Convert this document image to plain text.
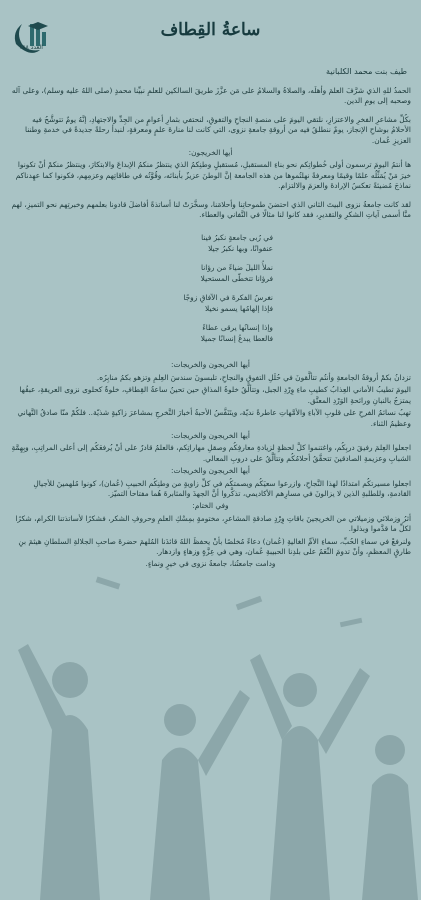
ساعةُ القِطاف
العدد ١٨٨
طيف بنت محمد الكلبانية

الحمدُ للهِ الذي شرَّفَ العلمَ وأهلَه، والصلاةُ والسلامُ على مَن عزَّزَ طريقَ السالكين للعلمِ نبيِّنا محمدٍ (صلى اللهُ عليه وسلم)، وعلى آله وصحبه إلى يومِ الدين.

بكُلِّ مشاعرِ الفخرِ والاعتزازِ، نلتقي اليومَ على منصةِ النجاحِ والتفوقِ، لنحتفي بثمارِ أعوامٍ من الجِدِّ والاجتهادِ، إنَّهُ يومٌ تتوشَّحُ فيه الأحلامُ بوشاحِ الإنجاز، يومٌ ننطلقُ فيه من أروقةِ جامعةِ نزوى، التي كانت لنا منارةَ علمٍ ومعرفةٍ، لنبدأ رحلةً جديدةً في خدمةِ وطننا العزيزِ عُمان.

أيها الخريجون:

ها أنتمُ اليومَ ترسمون أولى خُطواتِكم نحو بناءِ المستقبلِ، مُستقبلٍ وطنِكمُ الذي ينتظرُ منكمُ الإبداعَ والابتكارَ، وينتظرُ منكمْ أنْ تكونوا خيرَ مَنْ يُمَثِّلُه علمًا وقيمًا ومعرفةً نهلتُموها من هذه الجامعة إنَّ الوطنَ عزيزٌ بأبنائه، وقُوَّتُه في طاقاتِهم وعزمِهم، فكونوا كما عهِدناكم نماذجَ مُضيئةً تعكسُ الإرادةَ والعزمَ والالتزام.

لقد كانت جامعةُ نزوى البيتَ الثاني الذي احتضنَ طموحاتِنا وأحلامَنا، وسخَّرَتْ لنا أساتذةً أفاضلَ قادونا بعلمهم وخبرتِهم نحو التميزِ، لهم منَّا أسمى آياتِ الشكرِ والتقديرِ، فقد كانوا لنا مثالًا في التَّفاني والعطاء.

في رُبى جامعةٍ نكبرُ فينا
عنفوانًا، وبها نكبرُ جيلا
نملأُ الليلَ ضياءً من رؤانا
فرؤانا تتخطّى المستحيلا
نغرسُ الفكرةَ في الآفاقِ زوجًا
فإذا إلهامُها يسمو نخيلا
وإذا إنسانُها يرقى عطاءً
فالعطا يبدعُ إنسانًا جميلا

أيها الخريجون والخريجات:

تزدانُ بكمْ أروقةُ الجامعةِ وأنتُم تتألَّقونَ في حُلَلِ التفوقِ والنجاحِ، تلبسونَ سندسَ العِلمِ وتزهو بكمُ منابِرُه.

اليومَ تطيبُ الأماني العِذابُ كطيبِ ماءِ وِرْدِ الجبل، وتتألَّقُ خلوةُ المذاقِ حين تحينُ ساعةُ القِطافِ، خلوةٌ كحلوى نزوى العريقةِ، عبقُها يمتزجُ بالنبانِ ورائحةِ الوَرْدِ المعتَّق.

تهبُ نسائمُ الفرحِ على قلوبِ الآباءِ والأمَّهاتِ عاطرةً نديّة، ويتَنَفَّسُ الأحبةُ أخبارَ التَّخرجِ بمشاعرَ زاكيةٍ شذيّة.. فلكُمْ منّا صادقُ التَّهاني وعظيمُ الثناء.

أيها الخريجون والخريجات:

اجعلوا العِلمَ رفيقَ دربِكُم، واغتنموا كلَّ لحظةٍ لزيادةِ معارفِكُم وصقلِ مهاراتِكم، فالعلمُ قادرٌ على أنْ يُرفعَكُم إلى أعلى المراتِبِ، وبِهِمَّةِ الشبابِ وعزيمةِ الصادقينَ تتحقَّقُ أحلامُكُم وتتألَّقُ على دروبِ المعالي.

أيها الخريجون والخريجات:

اجعلوا مسيرتكُم امتدادًا لهذا النَّجاحِ، وازرعوا سعيَكُم ويصمتكُم في كلِّ زاويةٍ من وطنِكُم الحبيبِ (عُمان)، كونوا مُلهمينَ للأجيالِ القادمةِ، وللطلبةِ الذين لا يزالونَ في مسارِهم الأكاديمي، تذكَّروا أنَّ الجهدَ والمثابرةَ هُما مفتاحا التميّز.

وفي الختام:

أثرُ وزملائي وزميلاتي من الخريجينَ باقاتِ وِرْدٍ صادقةِ المشاعرِ، مختومةٍ بمِسْكِ العلمِ وحروفِ الشكر، فشكرًا لأساتذتنا الكرام، شكرًا لكلِّ ما قدَّموا وبذلوا.

ولنرفعْ في سماءِ الحُبِّ، سماءِ الأمِّ الغاليةِ (عُمان) دعاءً مُخلصًا بأنْ يحفظَ اللهُ قائدَنا المُلهمَ حضرةَ صاحبِ الجلالةِ السلطانِ هيثمَ بنِ طارقٍ المعظمِ، وأنْ تدومَ النِّعَمُ على بلدِنا الحبيبةِ عُمان، وهي في عِزَّةٍ وزهاءٍ وازدهار.

ودامت جامعتُنا، جامعةُ نزوى في خيرٍ ونماءٍ.
